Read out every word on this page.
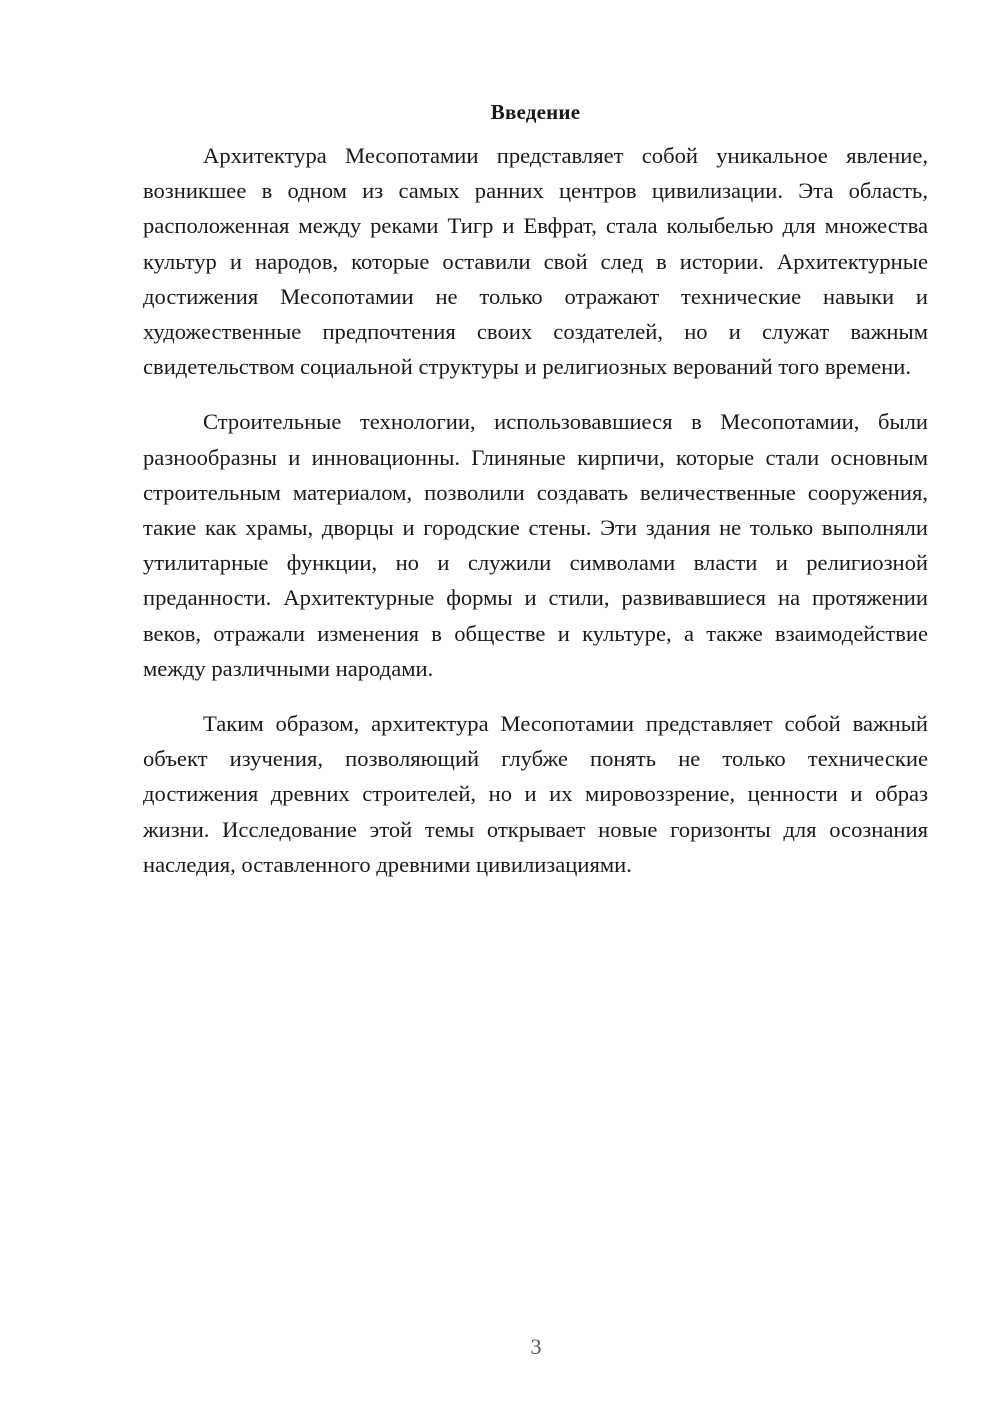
Введение

Архитектура Месопотамии представляет собой уникальное явление, возникшее в одном из самых ранних центров цивилизации. Эта область, расположенная между реками Тигр и Евфрат, стала колыбелью для множества культур и народов, которые оставили свой след в истории. Архитектурные достижения Месопотамии не только отражают технические навыки и художественные предпочтения своих создателей, но и служат важным свидетельством социальной структуры и религиозных верований того времени.

Строительные технологии, использовавшиеся в Месопотамии, были разнообразны и инновационны. Глиняные кирпичи, которые стали основным строительным материалом, позволили создавать величественные сооружения, такие как храмы, дворцы и городские стены. Эти здания не только выполняли утилитарные функции, но и служили символами власти и религиозной преданности. Архитектурные формы и стили, развивавшиеся на протяжении веков, отражали изменения в обществе и культуре, а также взаимодействие между различными народами.

Таким образом, архитектура Месопотамии представляет собой важный объект изучения, позволяющий глубже понять не только технические достижения древних строителей, но и их мировоззрение, ценности и образ жизни. Исследование этой темы открывает новые горизонты для осознания наследия, оставленного древними цивилизациями.

3
